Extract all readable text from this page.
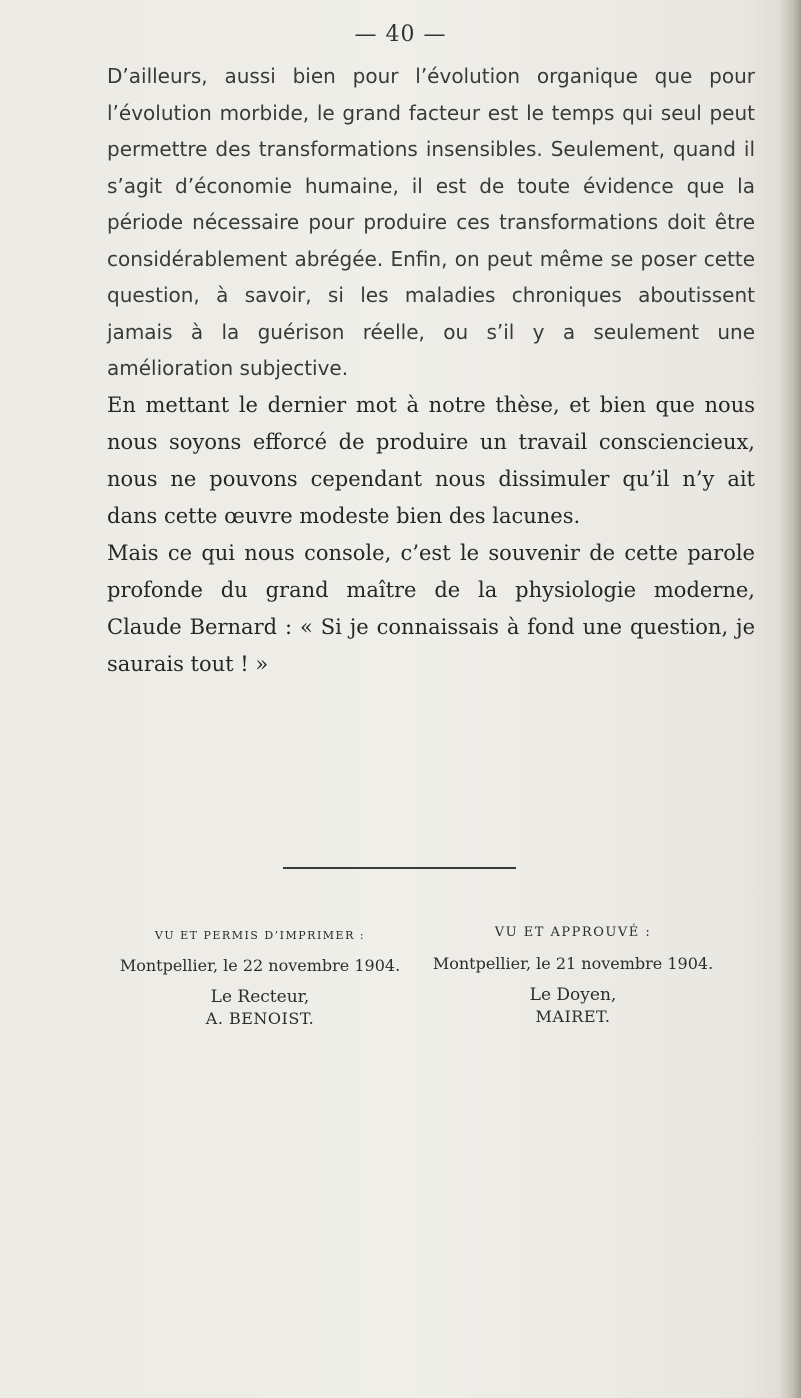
— 40 —

D’ailleurs, aussi bien pour l’évolution organique que pour l’évolution morbide, le grand facteur est le temps qui seul peut permettre des transformations insensibles. Seulement, quand il s’agit d’économie humaine, il est de toute évidence que la période nécessaire pour produire ces transformations doit être considérablement abrégée. Enfin, on peut même se poser cette question, à savoir, si les maladies chroniques aboutissent jamais à la guérison réelle, ou s’il y a seulement une amélioration subjective.

En mettant le dernier mot à notre thèse, et bien que nous nous soyons efforcé de produire un travail consciencieux, nous ne pouvons cependant nous dissimuler qu’il n’y ait dans cette œuvre modeste bien des lacunes.

Mais ce qui nous console, c’est le souvenir de cette parole profonde du grand maître de la physiologie moderne, Claude Bernard : « Si je connaissais à fond une question, je saurais tout ! »

VU ET PERMIS D’IMPRIMER :
Montpellier, le 22 novembre 1904.
Le Recteur,
A. BENOIST.
VU ET APPROUVÉ :
Montpellier, le 21 novembre 1904.
Le Doyen,
MAIRET.
